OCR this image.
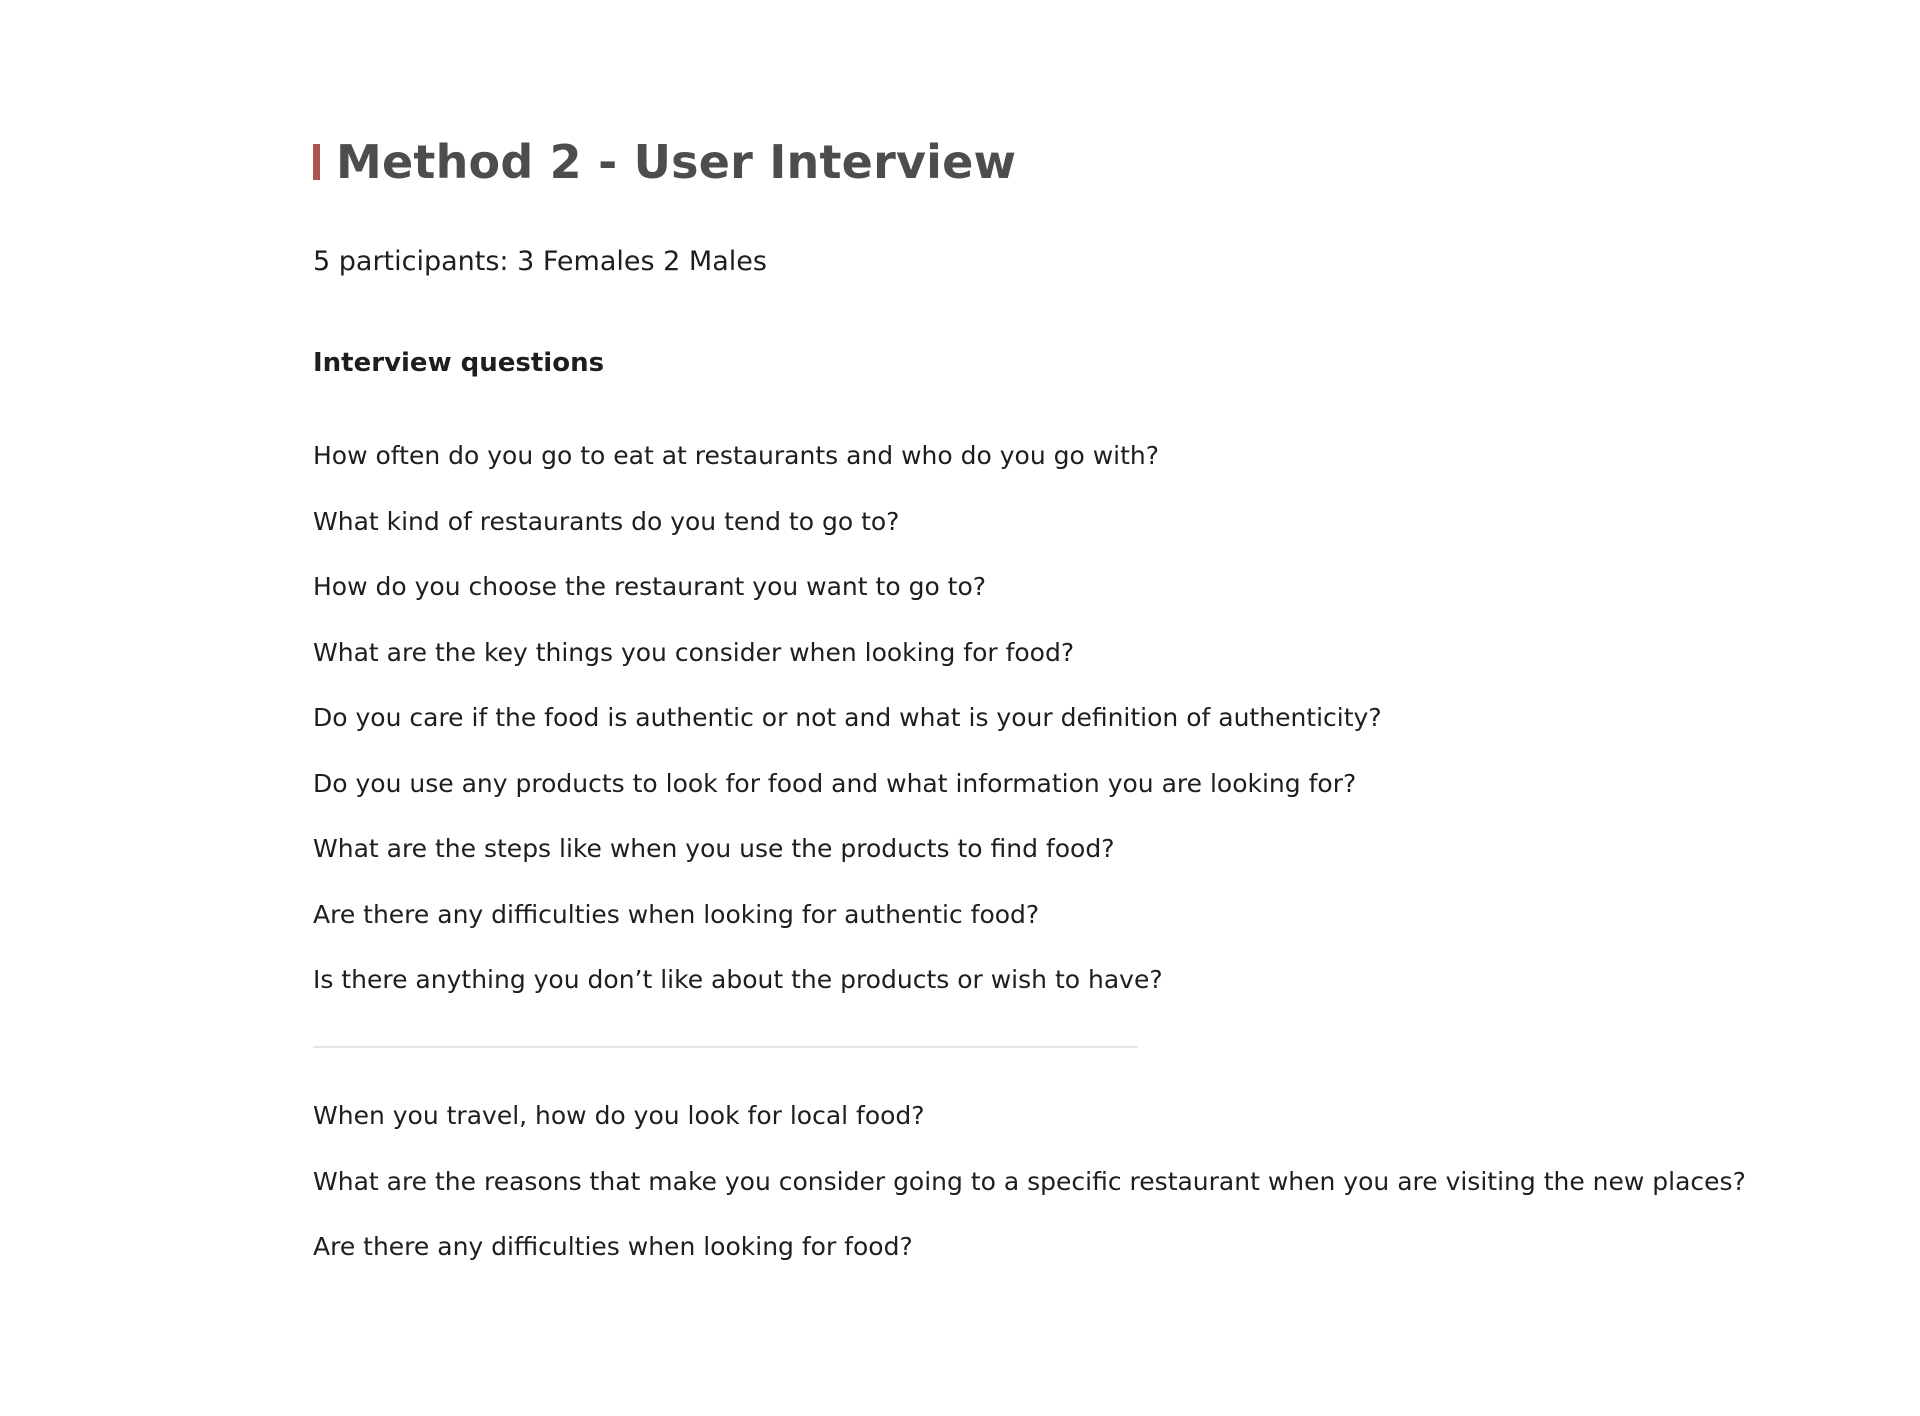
Method 2 - User Interview
5 participants: 3 Females 2 Males
Interview questions
How often do you go to eat at restaurants and who do you go with?
What kind of restaurants do you tend to go to?
How do you choose the restaurant you want to go to?
What are the key things you consider when looking for food?
Do you care if the food is authentic or not and what is your definition of authenticity?
Do you use any products to look for food and what information you are looking for?
What are the steps like when you use the products to find food?
Are there any difficulties when looking for authentic food?
Is there anything you don’t like about the products or wish to have?
When you travel, how do you look for local food?
What are the reasons that make you consider going to a specific restaurant when you are visiting the new places?
Are there any difficulties when looking for food?
